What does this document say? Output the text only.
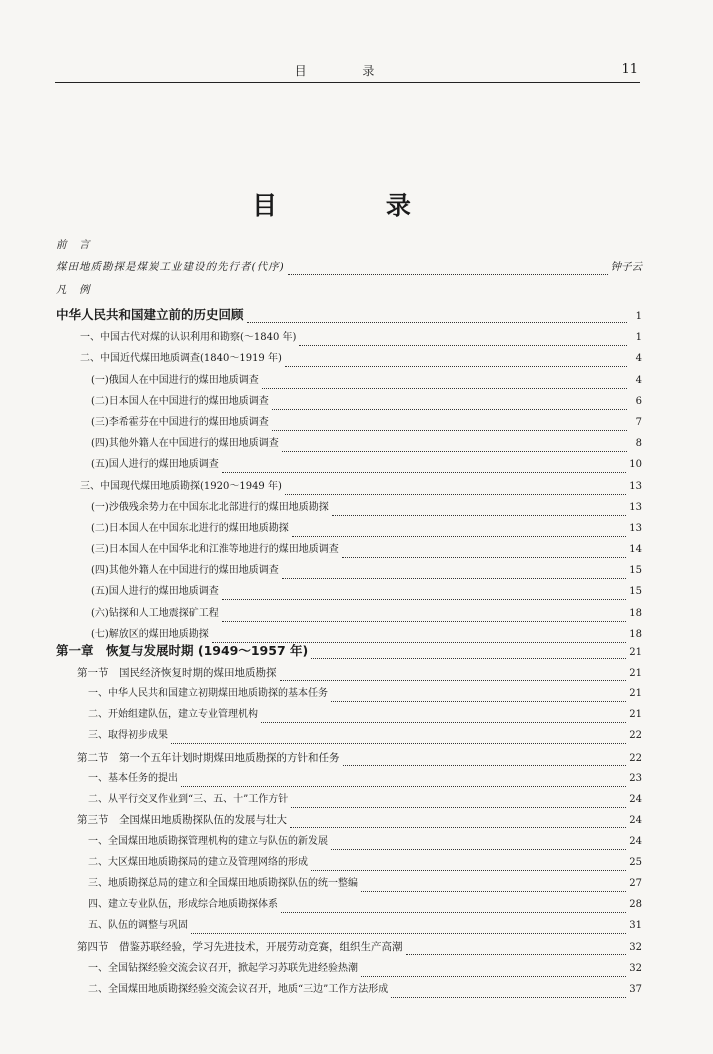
目 录	11
目 录
前　言
煤田地质勘探是煤炭工业建设的先行者(代序)	钟子云
凡　例
中华人民共和国建立前的历史回顾	1
一、中国古代对煤的认识利用和勘察(～1840 年)	1
二、中国近代煤田地质调查(1840～1919 年)	4
(一)俄国人在中国进行的煤田地质调查	4
(二)日本国人在中国进行的煤田地质调查	6
(三)李希霍芬在中国进行的煤田地质调查	7
(四)其他外籍人在中国进行的煤田地质调查	8
(五)国人进行的煤田地质调查	10
三、中国现代煤田地质勘探(1920～1949 年)	13
(一)沙俄残余势力在中国东北北部进行的煤田地质勘探	13
(二)日本国人在中国东北进行的煤田地质勘探	13
(三)日本国人在中国华北和江淮等地进行的煤田地质调查	14
(四)其他外籍人在中国进行的煤田地质调查	15
(五)国人进行的煤田地质调查	15
(六)钻探和人工地震探矿工程	18
(七)解放区的煤田地质勘探	18
第一章　恢复与发展时期 (1949～1957 年)	21
第一节　国民经济恢复时期的煤田地质勘探	21
一、中华人民共和国建立初期煤田地质勘探的基本任务	21
二、开始组建队伍，建立专业管理机构	21
三、取得初步成果	22
第二节　第一个五年计划时期煤田地质勘探的方针和任务	22
一、基本任务的提出	23
二、从平行交叉作业到“三、五、十”工作方针	24
第三节　全国煤田地质勘探队伍的发展与壮大	24
一、全国煤田地质勘探管理机构的建立与队伍的新发展	24
二、大区煤田地质勘探局的建立及管理网络的形成	25
三、地质勘探总局的建立和全国煤田地质勘探队伍的统一整编	27
四、建立专业队伍，形成综合地质勘探体系	28
五、队伍的调整与巩固	31
第四节　借鉴苏联经验，学习先进技术，开展劳动竞赛，组织生产高潮	32
一、全国钻探经验交流会议召开，掀起学习苏联先进经验热潮	32
二、全国煤田地质勘探经验交流会议召开，地质“三边”工作方法形成	37
